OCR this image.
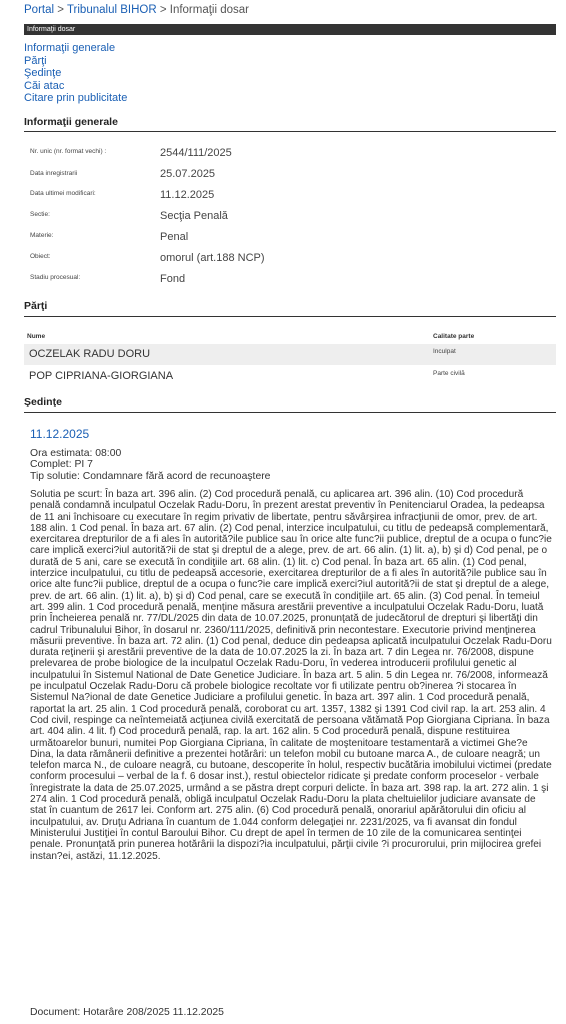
Portal > Tribunalul BIHOR > Informaţii dosar
Informaţii dosar
Informaţii generale
Părţi
Şedinţe
Căi atac
Citare prin publicitate
Informaţii generale
Nr. unic (nr. format vechi) :	2544/111/2025
Data inregistrarii	25.07.2025
Data ultimei modificari:	11.12.2025
Sectie:	Secţia Penală
Materie:	Penal
Obiect:	omorul (art.188 NCP)
Stadiu procesual:	Fond
Părţi
Nume	Calitate parte
OCZELAK RADU DORU	Inculpat
POP CIPRIANA-GIORGIANA	Parte civilă
Şedinţe
11.12.2025
Ora estimata: 08:00
Complet: PI 7
Tip solutie: Condamnare fără acord de recunoaştere
Solutia pe scurt: În baza art. 396 alin. (2) Cod procedură penală, cu aplicarea art. 396 alin. (10) Cod procedură penală condamnă inculpatul Oczelak Radu-Doru, în prezent arestat preventiv în Penitenciarul Oradea, la pedeapsa de 11 ani închisoare cu executare în regim privativ de libertate, pentru săvârşirea infracţiunii de omor, prev. de art. 188 alin. 1 Cod penal. În baza art. 67 alin. (2) Cod penal, interzice inculpatului, cu titlu de pedeapsă complementară, exercitarea drepturilor de a fi ales în autorită?ile publice sau în orice alte func?ii publice, dreptul de a ocupa o func?ie care implică exerci?iul autorită?ii de stat şi dreptul de a alege, prev. de art. 66 alin. (1) lit. a), b) şi d) Cod penal, pe o durată de 5 ani, care se execută în condiţiile art. 68 alin. (1) lit. c) Cod penal. În baza art. 65 alin. (1) Cod penal, interzice inculpatului, cu titlu de pedeapsă accesorie, exercitarea drepturilor de a fi ales în autorită?ile publice sau în orice alte func?ii publice, dreptul de a ocupa o func?ie care implică exerci?iul autorită?ii de stat şi dreptul de a alege, prev. de art. 66 alin. (1) lit. a), b) şi d) Cod penal, care se execută în condiţiile art. 65 alin. (3) Cod penal. În temeiul art. 399 alin. 1 Cod procedură penală, menţine măsura arestării preventive a inculpatului Oczelak Radu-Doru, luată prin Încheierea penală nr. 77/DL/2025 din data de 10.07.2025, pronunţată de judecătorul de drepturi şi libertăţi din cadrul Tribunalului Bihor, în dosarul nr. 2360/111/2025, definitivă prin necontestare. Executorie privind menţinerea măsurii preventive. În baza art. 72 alin. (1) Cod penal, deduce din pedeapsa aplicată inculpatului Oczelak Radu-Doru durata reţinerii şi arestării preventive de la data de 10.07.2025 la zi. În baza art. 7 din Legea nr. 76/2008, dispune prelevarea de probe biologice de la inculpatul Oczelak Radu-Doru, în vederea introducerii profilului genetic al inculpatului în Sistemul National de Date Genetice Judiciare. În baza art. 5 alin. 5 din Legea nr. 76/2008, informează pe inculpatul Oczelak Radu-Doru că probele biologice recoltate vor fi utilizate pentru ob?inerea ?i stocarea în Sistemul Na?ional de date Genetice Judiciare a profilului genetic. În baza art. 397 alin. 1 Cod procedură penală, raportat la art. 25 alin. 1 Cod procedură penală, coroborat cu art. 1357, 1382 şi 1391 Cod civil rap. la art. 253 alin. 4 Cod civil, respinge ca neîntemeiată acţiunea civilă exercitată de persoana vătămată Pop Giorgiana Cipriana. În baza art. 404 alin. 4 lit. f) Cod procedură penală, rap. la art. 162 alin. 5 Cod procedură penală, dispune restituirea următoarelor bunuri, numitei Pop Giorgiana Cipriana, în calitate de moştenitoare testamentară a victimei Ghe?e Dina, la data rămânerii definitive a prezentei hotărâri: un telefon mobil cu butoane marca A., de culoare neagră; un telefon marca N., de culoare neagră, cu butoane, descoperite în holul, respectiv bucătăria imobilului victimei (predate conform procesului – verbal de la f. 6 dosar inst.), restul obiectelor ridicate şi predate conform proceselor - verbale înregistrate la data de 25.07.2025, urmând a se păstra drept corpuri delicte. În baza art. 398 rap. la art. 272 alin. 1 şi 274 alin. 1 Cod procedură penală, obligă inculpatul Oczelak Radu-Doru la plata cheltuielilor judiciare avansate de stat în cuantum de 2617 lei. Conform art. 275 alin. (6) Cod procedură penală, onorariul apărătorului din oficiu al inculpatului, av. Druţu Adriana în cuantum de 1.044 conform delegaţiei nr. 2231/2025, va fi avansat din fondul Ministerului Justiţiei în contul Baroului Bihor. Cu drept de apel în termen de 10 zile de la comunicarea sentinţei penale. Pronunţată prin punerea hotărârii la dispozi?ia inculpatului, părţii civile ?i procurorului, prin mijlocirea grefei instan?ei, astăzi, 11.12.2025.
Document: Hotarâre 208/2025 11.12.2025
